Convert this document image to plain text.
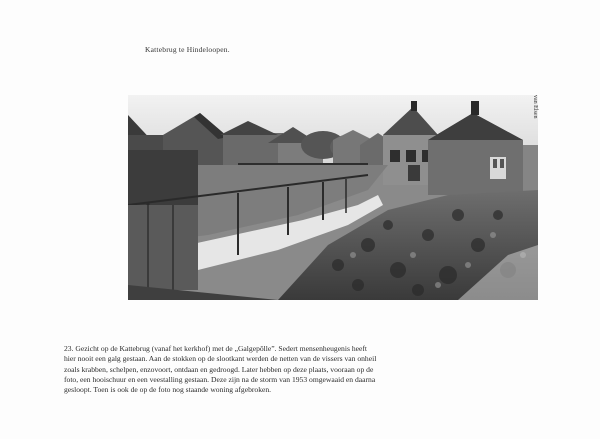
Kattebrug te Hindeloopen.
van Elsen

23. Gezicht op de Kattebrug (vanaf het kerkhof) met de „Galgepôlle”. Sedert mensenheugenis heeft

hier nooit een galg gestaan. Aan de stokken op de slootkant werden de netten van de vissers van onheil

zoals krabben, schelpen, enzovoort, ontdaan en gedroogd. Later hebben op deze plaats, vooraan op de

foto, een hooischuur en een veestalling gestaan. Deze zijn na de storm van 1953 omgewaaid en daarna

gesloopt. Toen is ook de op de foto nog staande woning afgebroken.
